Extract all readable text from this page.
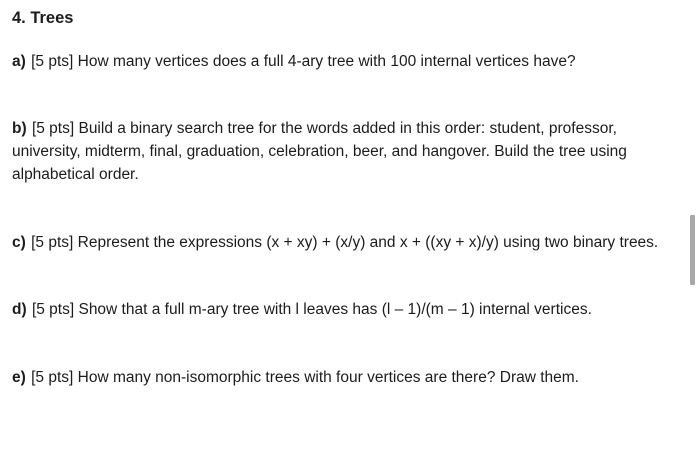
4. Trees
a) [5 pts] How many vertices does a full 4-ary tree with 100 internal vertices have?
b) [5 pts] Build a binary search tree for the words added in this order: student, professor,
university, midterm, final, graduation, celebration, beer, and hangover. Build the tree using
alphabetical order.
c) [5 pts] Represent the expressions (x + xy) + (x/y) and x + ((xy + x)/y) using two binary trees.
d) [5 pts] Show that a full m-ary tree with l leaves has (l – 1)/(m – 1) internal vertices.
e) [5 pts] How many non-isomorphic trees with four vertices are there? Draw them.
